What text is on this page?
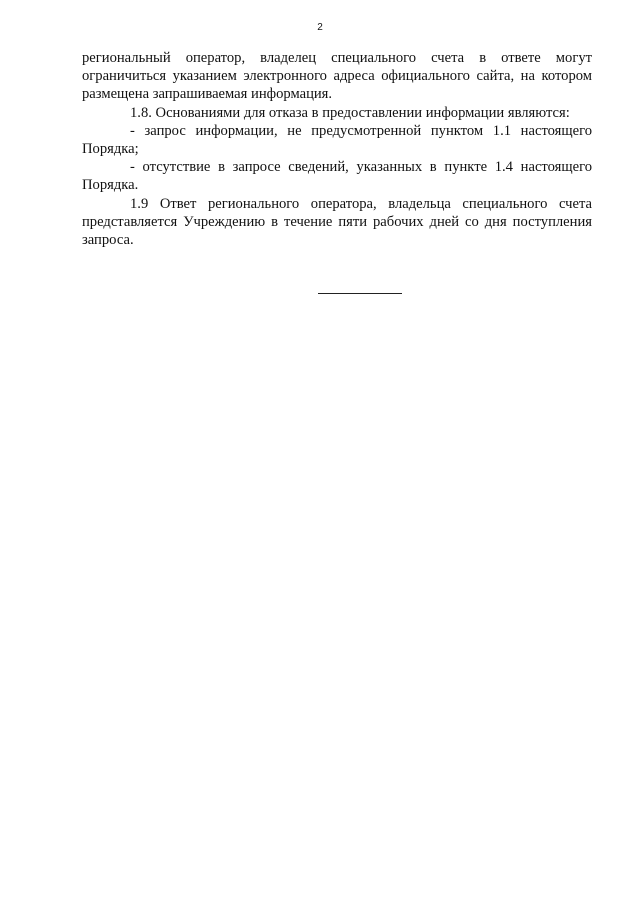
2

региональный оператор, владелец специального счета в ответе могут ограничиться указанием электронного адреса официального сайта, на котором размещена запрашиваемая информация.

1.8. Основаниями для отказа в предоставлении информации являются:

- запрос информации, не предусмотренной пунктом 1.1 настоящего Порядка;

- отсутствие в запросе сведений, указанных в пункте 1.4 настоящего Порядка.

1.9 Ответ регионального оператора, владельца специального счета представляется Учреждению в течение пяти рабочих дней со дня поступления запроса.
